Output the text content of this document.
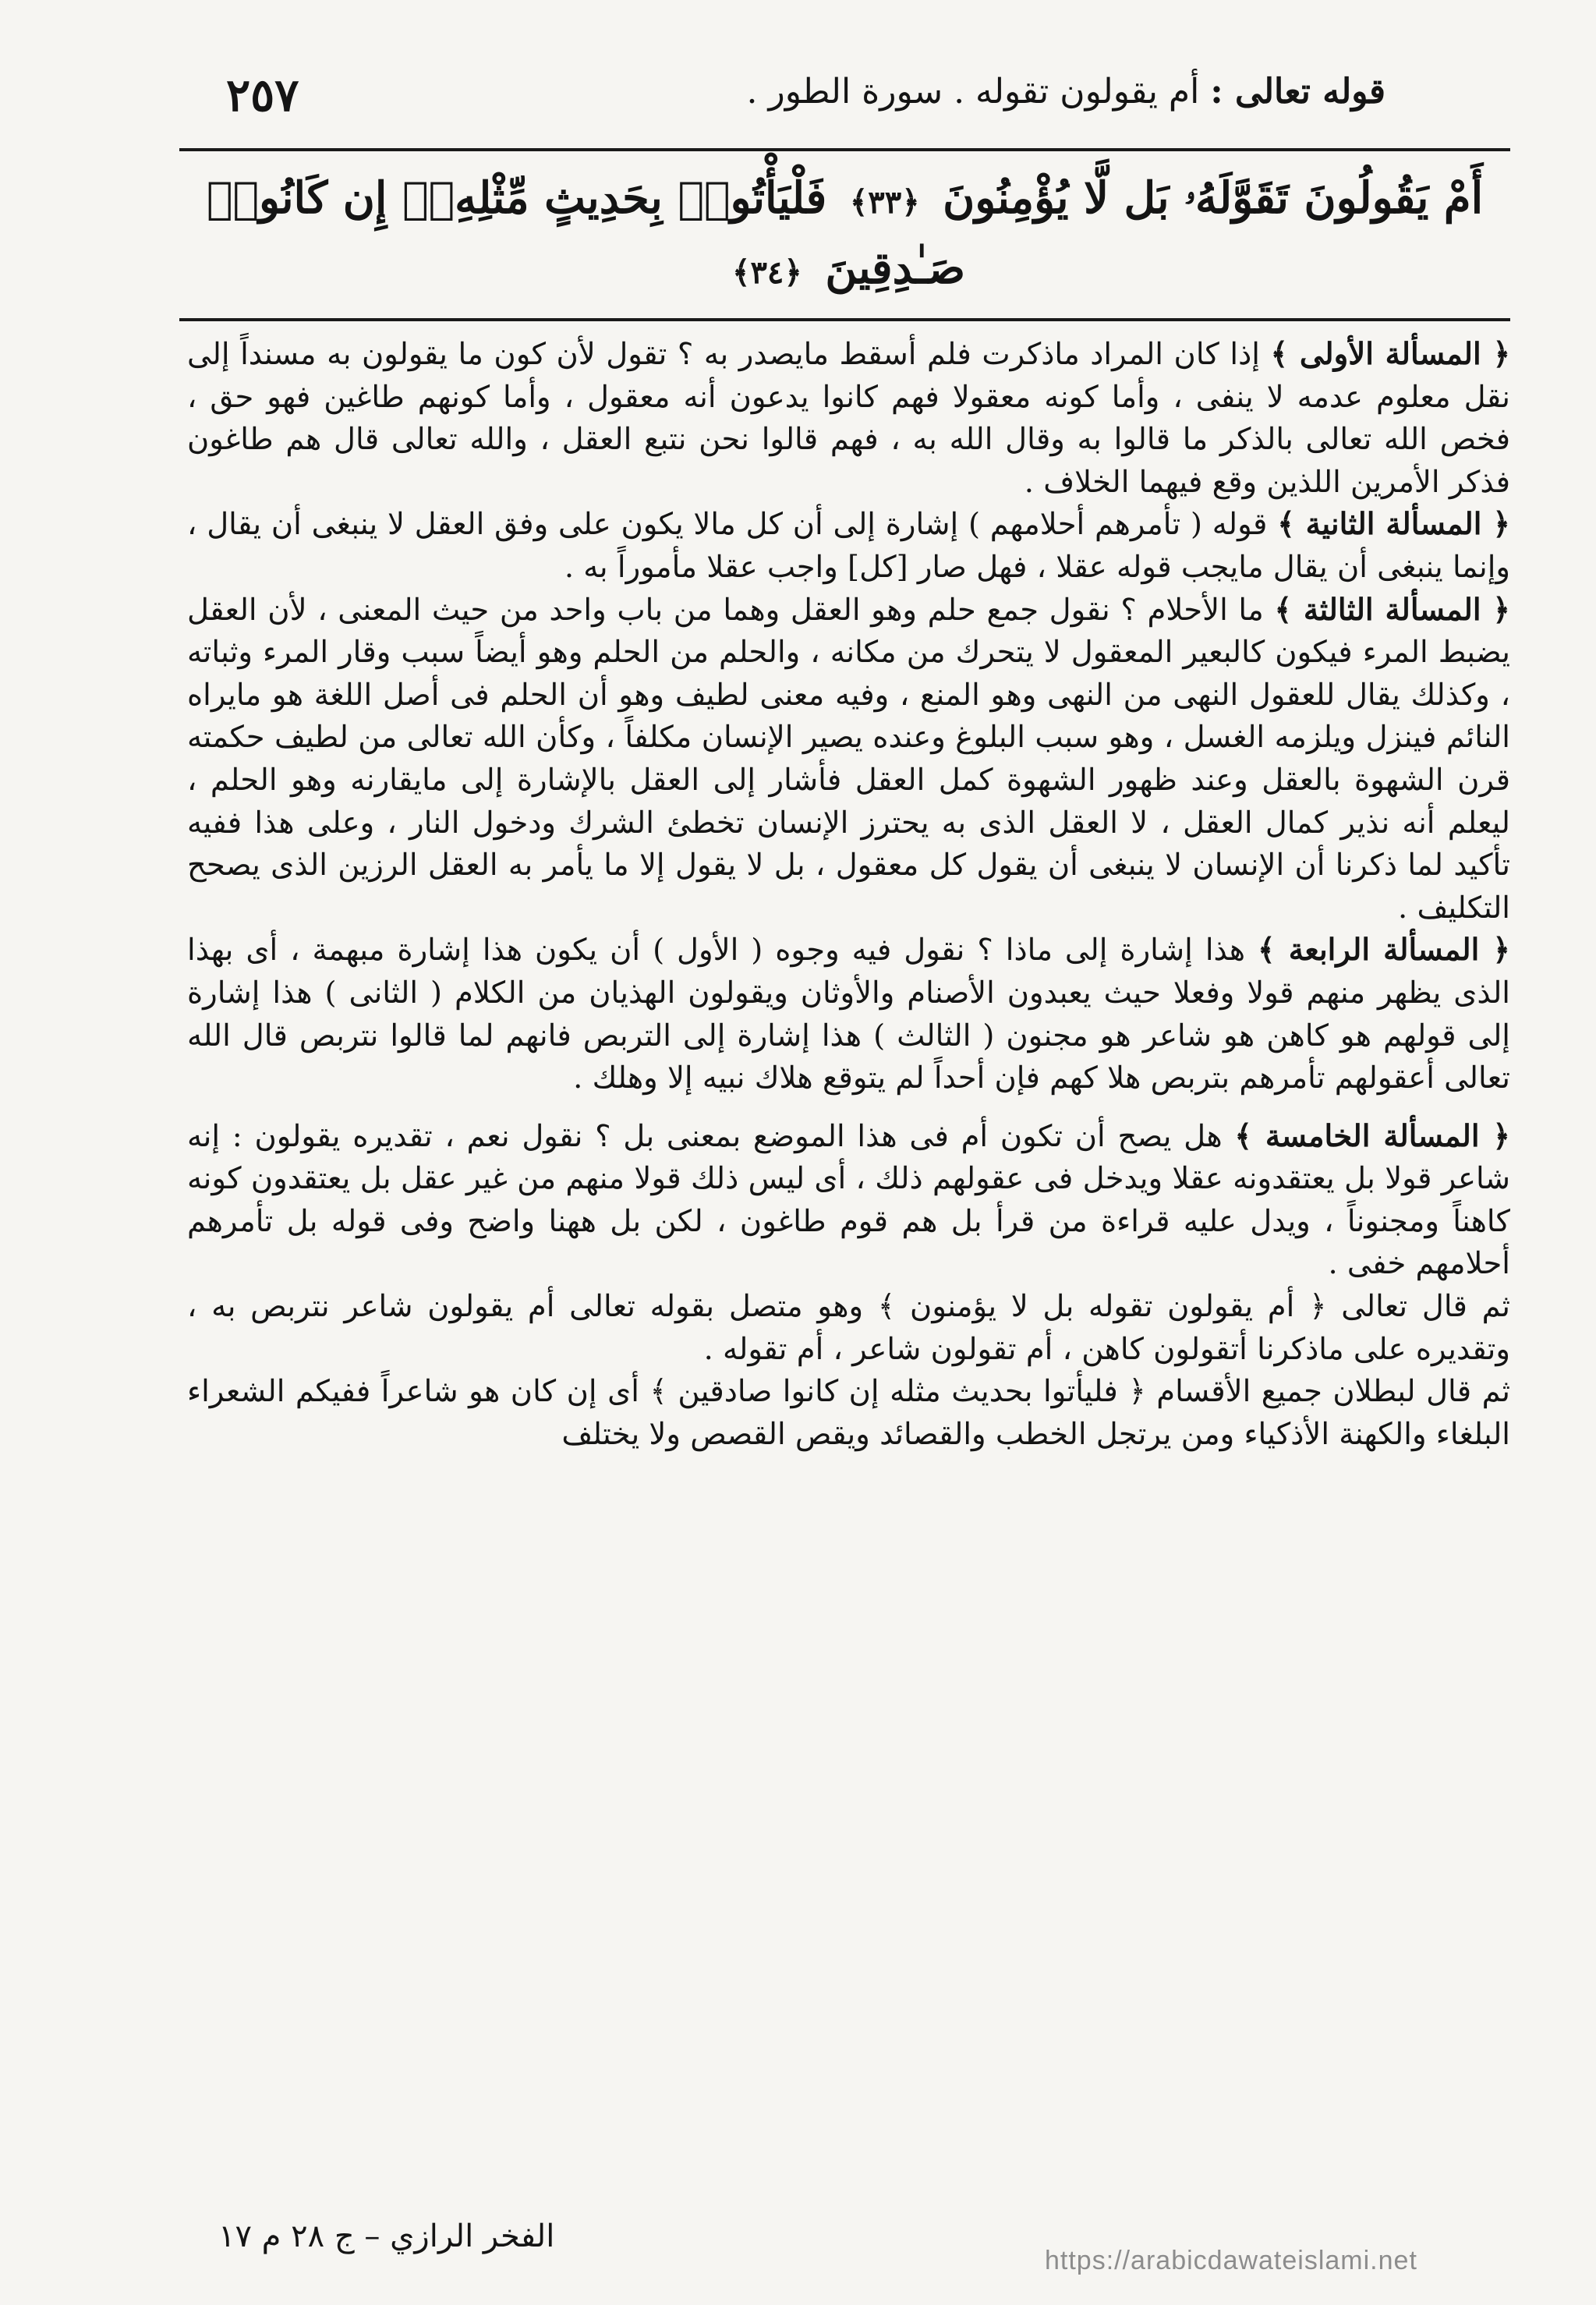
٢٥٧	قوله تعالى : أم يقولون تقوله . سورة الطور .
أَمْ يَقُولُونَ تَقَوَّلَهُۥ بَل لَّا يُؤْمِنُونَ ﴿٣٣﴾ فَلْيَأْتُوا۟ بِحَدِيثٍ مِّثْلِهِۦٓ إِن كَانُوا۟ صَـٰدِقِينَ ﴿٣٤﴾

﴿ المسألة الأولى ﴾ إذا كان المراد ماذكرت فلم أسقط مايصدر به ؟ تقول لأن كون ما يقولون به مسنداً إلى نقل معلوم عدمه لا ينفى ، وأما كونه معقولا فهم كانوا يدعون أنه معقول ، وأما كونهم طاغين فهو حق ، فخص الله تعالى بالذكر ما قالوا به وقال الله به ، فهم قالوا نحن نتبع العقل ، والله تعالى قال هم طاغون فذكر الأمرين اللذين وقع فيهما الخلاف .

﴿ المسألة الثانية ﴾ قوله ( تأمرهم أحلامهم ) إشارة إلى أن كل مالا يكون على وفق العقل لا ينبغى أن يقال ، وإنما ينبغى أن يقال مايجب قوله عقلا ، فهل صار [كل] واجب عقلا مأموراً به .

﴿ المسألة الثالثة ﴾ ما الأحلام ؟ نقول جمع حلم وهو العقل وهما من باب واحد من حيث المعنى ، لأن العقل يضبط المرء فيكون كالبعير المعقول لا يتحرك من مكانه ، والحلم من الحلم وهو أيضاً سبب وقار المرء وثباته ، وكذلك يقال للعقول النهى من النهى وهو المنع ، وفيه معنى لطيف وهو أن الحلم فى أصل اللغة هو مايراه النائم فينزل ويلزمه الغسل ، وهو سبب البلوغ وعنده يصير الإنسان مكلفاً ، وكأن الله تعالى من لطيف حكمته قرن الشهوة بالعقل وعند ظهور الشهوة كمل العقل فأشار إلى العقل بالإشارة إلى مايقارنه وهو الحلم ، ليعلم أنه نذير كمال العقل ، لا العقل الذى به يحترز الإنسان تخطئ الشرك ودخول النار ، وعلى هذا ففيه تأكيد لما ذكرنا أن الإنسان لا ينبغى أن يقول كل معقول ، بل لا يقول إلا ما يأمر به العقل الرزين الذى يصحح التكليف .

﴿ المسألة الرابعة ﴾ هذا إشارة إلى ماذا ؟ نقول فيه وجوه ( الأول ) أن يكون هذا إشارة مبهمة ، أى بهذا الذى يظهر منهم قولا وفعلا حيث يعبدون الأصنام والأوثان ويقولون الهذيان من الكلام ( الثانى ) هذا إشارة إلى قولهم هو كاهن هو شاعر هو مجنون ( الثالث ) هذا إشارة إلى التربص فانهم لما قالوا نتربص قال الله تعالى أعقولهم تأمرهم بتربص هلا كهم فإن أحداً لم يتوقع هلاك نبيه إلا وهلك .

﴿ المسألة الخامسة ﴾ هل يصح أن تكون أم فى هذا الموضع بمعنى بل ؟ نقول نعم ، تقديره يقولون : إنه شاعر قولا بل يعتقدونه عقلا ويدخل فى عقولهم ذلك ، أى ليس ذلك قولا منهم من غير عقل بل يعتقدون كونه كاهناً ومجنوناً ، ويدل عليه قراءة من قرأ بل هم قوم طاغون ، لكن بل ههنا واضح وفى قوله بل تأمرهم أحلامهم خفى .

ثم قال تعالى ﴿ أم يقولون تقوله بل لا يؤمنون ﴾ وهو متصل بقوله تعالى أم يقولون شاعر نتربص به ، وتقديره على ماذكرنا أتقولون كاهن ، أم تقولون شاعر ، أم تقوله .

ثم قال لبطلان جميع الأقسام ﴿ فليأتوا بحديث مثله إن كانوا صادقين ﴾ أى إن كان هو شاعراً ففيكم الشعراء البلغاء والكهنة الأذكياء ومن يرتجل الخطب والقصائد ويقص القصص ولا يختلف

الفخر الرازي – ج ٢٨ م ١٧
https://arabicdawateislami.net
